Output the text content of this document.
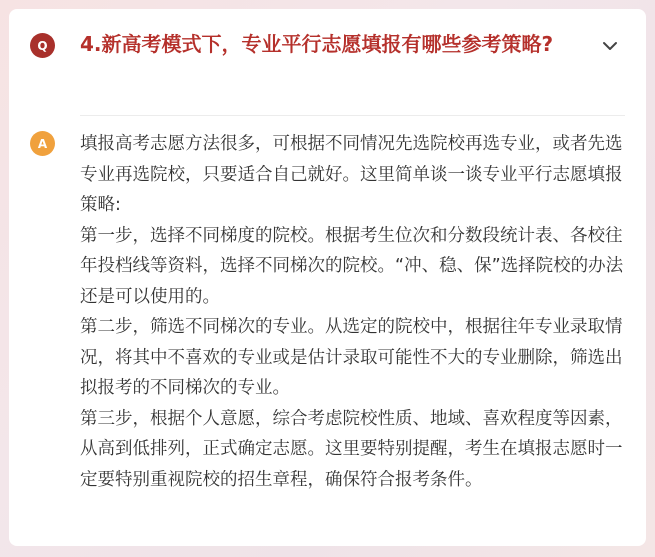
Q	4.新高考模式下，专业平行志愿填报有哪些参考策略?
A	填报高考志愿方法很多，可根据不同情况先选院校再选专业，或者先选专业再选院校，只要适合自己就好。这里简单谈一谈专业平行志愿填报策略:

第一步，选择不同梯度的院校。根据考生位次和分数段统计表、各校往年投档线等资料，选择不同梯次的院校。“冲、稳、保”选择院校的办法还是可以使用的。

第二步，筛选不同梯次的专业。从选定的院校中，根据往年专业录取情况，将其中不喜欢的专业或是估计录取可能性不大的专业删除，筛选出拟报考的不同梯次的专业。

第三步，根据个人意愿，综合考虑院校性质、地域、喜欢程度等因素，从高到低排列，正式确定志愿。这里要特别提醒，考生在填报志愿时一定要特别重视院校的招生章程，确保符合报考条件。
